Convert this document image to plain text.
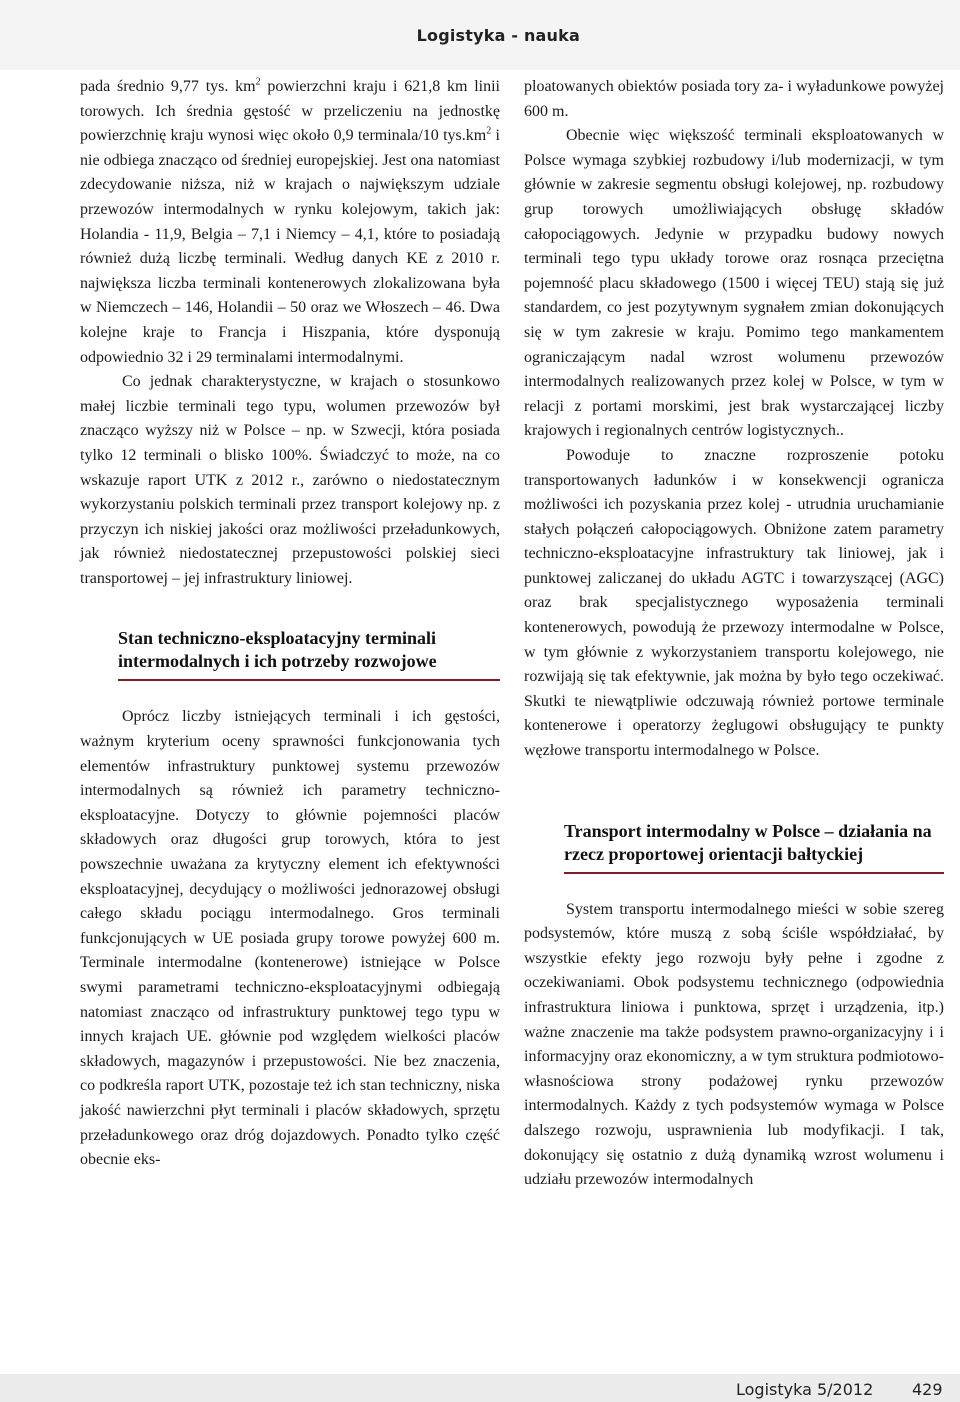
Logistyka - nauka

pada średnio 9,77 tys. $km^2$ powierzchni kraju i 621,8 km linii torowych. Ich średnia gęstość w przeliczeniu na jednostkę powierzchnię kraju wynosi więc około 0,9 terminala/10 $tys.km^2$ i nie odbiega znacząco od średniej europejskiej. Jest ona natomiast zdecydowanie niższa, niż w krajach o największym udziale przewozów intermodalnych w rynku kolejowym, takich jak: Holandia - 11,9, Belgia – 7,1 i Niemcy – 4,1, które to posiadają również dużą liczbę terminali. Według danych KE z 2010 r. największa liczba terminali kontenerowych zlokalizowana była w Niemczech – 146, Holandii – 50 oraz we Włoszech – 46. Dwa kolejne kraje to Francja i Hiszpania, które dysponują odpowiednio 32 i 29 terminalami intermodalnymi.

Co jednak charakterystyczne, w krajach o stosunkowo małej liczbie terminali tego typu, wolumen przewozów był znacząco wyższy niż w Polsce – np. w Szwecji, która posiada tylko 12 terminali o blisko 100%. Świadczyć to może, na co wskazuje raport UTK z 2012 r., zarówno o niedostatecznym wykorzystaniu polskich terminali przez transport kolejowy np. z przyczyn ich niskiej jakości oraz możliwości przeładunkowych, jak również niedostatecznej przepustowości polskiej sieci transportowej – jej infrastruktury liniowej.

Stan techniczno-eksploatacyjny terminali intermodalnych i ich potrzeby rozwojowe

Oprócz liczby istniejących terminali i ich gęstości, ważnym kryterium oceny sprawności funkcjonowania tych elementów infrastruktury punktowej systemu przewozów intermodalnych są również ich parametry techniczno-eksploatacyjne. Dotyczy to głównie pojemności placów składowych oraz długości grup torowych, która to jest powszechnie uważana za krytyczny element ich efektywności eksploatacyjnej, decydujący o możliwości jednorazowej obsługi całego składu pociągu intermodalnego. Gros terminali funkcjonujących w UE posiada grupy torowe powyżej 600 m. Terminale intermodalne (kontenerowe) istniejące w Polsce swymi parametrami techniczno-eksploatacyjnymi odbiegają natomiast znacząco od infrastruktury punktowej tego typu w innych krajach UE. głównie pod względem wielkości placów składowych, magazynów i przepustowości. Nie bez znaczenia, co podkreśla raport UTK, pozostaje też ich stan techniczny, niska jakość nawierzchni płyt terminali i placów składowych, sprzętu przeładunkowego oraz dróg dojazdowych. Ponadto tylko część obecnie eks-

ploatowanych obiektów posiada tory za- i wyładunkowe powyżej 600 m.

Obecnie więc większość terminali eksploatowanych w Polsce wymaga szybkiej rozbudowy i/lub modernizacji, w tym głównie w zakresie segmentu obsługi kolejowej, np. rozbudowy grup torowych umożliwiających obsługę składów całopociągowych. Jedynie w przypadku budowy nowych terminali tego typu układy torowe oraz rosnąca przeciętna pojemność placu składowego (1500 i więcej TEU) stają się już standardem, co jest pozytywnym sygnałem zmian dokonujących się w tym zakresie w kraju. Pomimo tego mankamentem ograniczającym nadal wzrost wolumenu przewozów intermodalnych realizowanych przez kolej w Polsce, w tym w relacji z portami morskimi, jest brak wystarczającej liczby krajowych i regionalnych centrów logistycznych..

Powoduje to znaczne rozproszenie potoku transportowanych ładunków i w konsekwencji ogranicza możliwości ich pozyskania przez kolej - utrudnia uruchamianie stałych połączeń całopociągowych. Obniżone zatem parametry techniczno-eksploatacyjne infrastruktury tak liniowej, jak i punktowej zaliczanej do układu AGTC i towarzyszącej (AGC) oraz brak specjalistycznego wyposażenia terminali kontenerowych, powodują że przewozy intermodalne w Polsce, w tym głównie z wykorzystaniem transportu kolejowego, nie rozwijają się tak efektywnie, jak można by było tego oczekiwać. Skutki te niewątpliwie odczuwają również portowe terminale kontenerowe i operatorzy żeglugowi obsługujący te punkty węzłowe transportu intermodalnego w Polsce.

Transport intermodalny w Polsce – działania na rzecz proportowej orientacji bałtyckiej

System transportu intermodalnego mieści w sobie szereg podsystemów, które muszą z sobą ściśle współdziałać, by wszystkie efekty jego rozwoju były pełne i zgodne z oczekiwaniami. Obok podsystemu technicznego (odpowiednia infrastruktura liniowa i punktowa, sprzęt i urządzenia, itp.) ważne znaczenie ma także podsystem prawno-organizacyjny i i informacyjny oraz ekonomiczny, a w tym struktura podmiotowo-własnościowa strony podażowej rynku przewozów intermodalnych. Każdy z tych podsystemów wymaga w Polsce dalszego rozwoju, usprawnienia lub modyfikacji. I tak, dokonujący się ostatnio z dużą dynamiką wzrost wolumenu i udziału przewozów intermodalnych

Logistyka 5/2012 429
